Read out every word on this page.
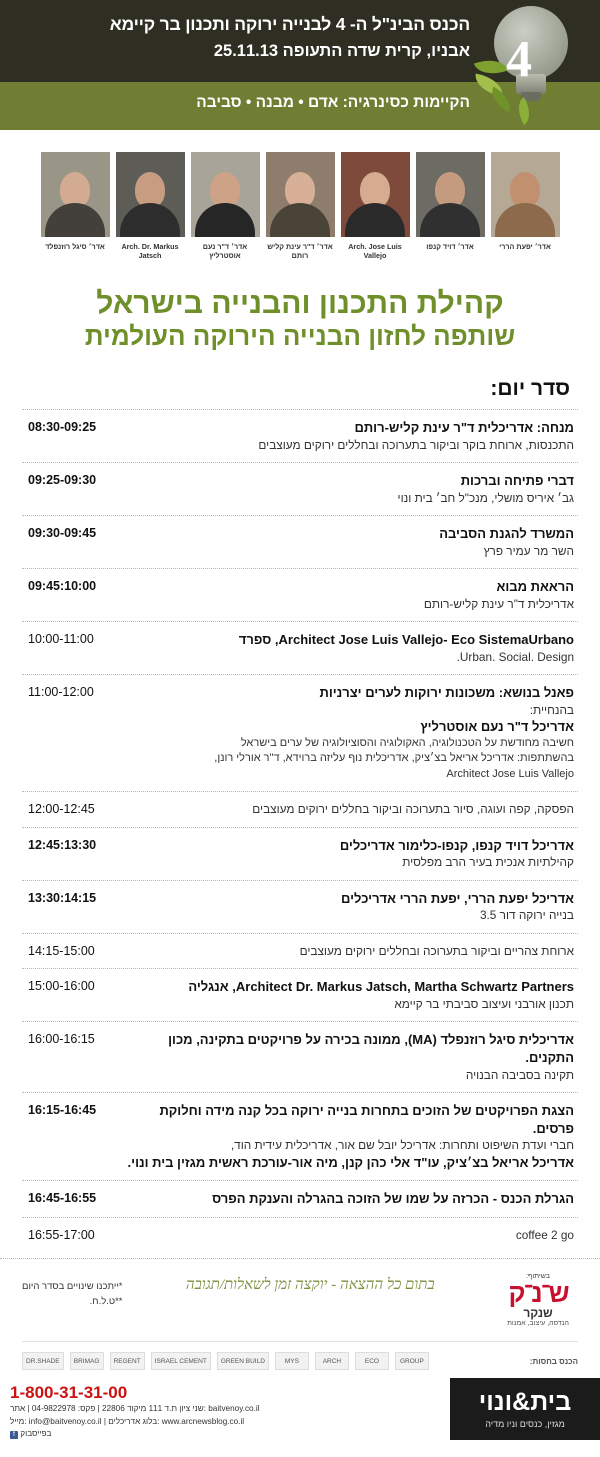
הכנס הבינ"ל ה- 4 לבנייה ירוקה ותכנון בר קיימא
אבניו, קרית שדה התעופה 25.11.13
הקיימות כסינרגיה: אדם • מבנה • סביבה
4
אדר׳ סיגל רוזנפלד	Arch. Dr. Markus Jatsch
אדר׳ ד"ר נעם אוסטרליץ
אדר׳ ד"ר עינת קליש רותם
Arch. Jose Luis Vallejo
אדר׳ דויד קנפו	אדר׳ יפעת הררי
קהילת התכנון והבנייה בישראל
שותפה לחזון הבנייה הירוקה העולמית
סדר יום:
מנחה: אדריכלית ד"ר עינת קליש-רותם
התכנסות, ארוחת בוקר וביקור בתערוכה ובחללים ירוקים מעוצבים
08:30-09:25
דברי פתיחה וברכות
גב׳ איריס מושלי, מנכ"ל חב׳ בית ונוי
09:25-09:30
המשרד להגנת הסביבה
השר מר עמיר פרץ
09:30-09:45
הראאת מבוא
אדריכלית ד"ר עינת קליש-רותם
09:45:10:00
Architect Jose Luis Vallejo- Eco SistemaUrbano, ספרד
Urban. Social. Design.
10:00-11:00
פאנל בנושא: משכונות ירוקות לערים יצרניות
בהנחיית:
אדריכל ד"ר נעם אוסטרליץ
חשיבה מחודשת על הטכנולוגיה, האקולוגיה והסוציולוגיה של ערים בישראל
בהשתתפות: אדריכל אריאל בצ׳ציק, אדריכלית נוף עליזה ברוידא, ד"ר אורלי רונן,
Architect Jose Luis Vallejo
11:00-12:00
הפסקה, קפה ועוגה, סיור בתערוכה וביקור בחללים ירוקים מעוצבים
12:00-12:45
אדריכל דויד קנפו, קנפו-כלימור אדריכלים
קהילתיות אנכית בעיר הרב מפלסית
12:45:13:30
אדריכל יפעת הררי, יפעת הררי אדריכלים
בנייה ירוקה דור 3.5
13:30:14:15
ארוחת צהריים וביקור בתערוכה ובחללים ירוקים מעוצבים
14:15-15:00
Architect Dr. Markus Jatsch, Martha Schwartz Partners, אנגליה
תכנון אורבני ועיצוב סביבתי בר קיימא
15:00-16:00
אדריכלית סיגל רוזנפלד (MA), ממונה בכירה על פרויקטים בתקינה, מכון התקנים.
תקינה בסביבה הבנויה
16:00-16:15
הצגת הפרויקטים של הזוכים בתחרות בנייה ירוקה בכל קנה מידה וחלוקת פרסים.
חברי ועדת השיפוט ותחרות: אדריכל יובל שם אור, אדריכלית עידית הוד,
אדריכל אריאל בצ׳ציק, עו"ד אלי כהן קנן, מיה אור-עורכת ראשית מגזין בית ונוי.
16:15-16:45
הגרלת הכנס - הכרזה על שמו של הזוכה בהגרלה והענקת הפרס
16:45-16:55
coffee 2 go
16:55-17:00
בשיתוף:
ש־נ־ק
שנקר
הנדסה, עיצוב, אמנות
בתום כל ההצאה - יוקצה זמן לשאלות/תגובה
*ייתכנו שינויים בסדר היום
**ט.ל.ח.
DR.SHADE	BRIMAG	REGENT	ISRAEL CEMENT	GREEN BUILD	MYS	ARCH	ECO	GROUP	הכנס בחסות:
בית&ונוי
מגזין, כנסים וניו מדיה
1-800-31-31-00
שני ציון ת.ד 111 מיקוד 22806 | פקס: 04-9822978 | אתר: baitvenoy.co.il
מייל: info@baitvenoy.co.il | בלוג אדריכלים: www.arcnewsblog.co.il
f בפייסבוק
